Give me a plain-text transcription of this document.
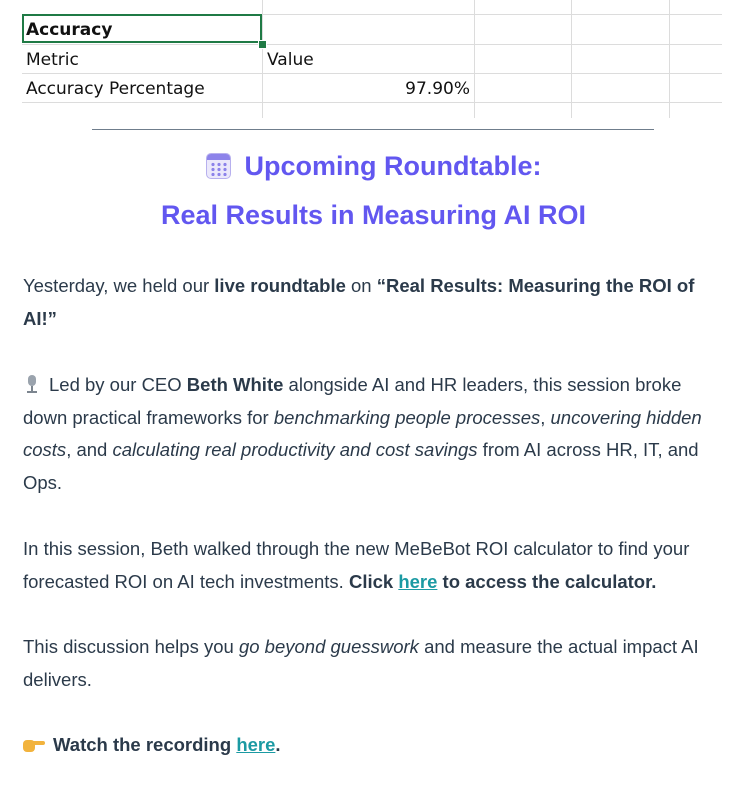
Accuracy
Metric	Value
Accuracy Percentage	97.90%
Upcoming Roundtable:
Real Results in Measuring AI ROI
Yesterday, we held our live roundtable on “Real Results: Measuring the ROI of AI!”
Led by our CEO Beth White alongside AI and HR leaders, this session broke down practical frameworks for benchmarking people processes, uncovering hidden costs, and calculating real productivity and cost savings from AI across HR, IT, and Ops.
In this session, Beth walked through the new MeBeBot ROI calculator to find your forecasted ROI on AI tech investments. Click here to access the calculator.
This discussion helps you go beyond guesswork and measure the actual impact AI delivers.
Watch the recording here.
